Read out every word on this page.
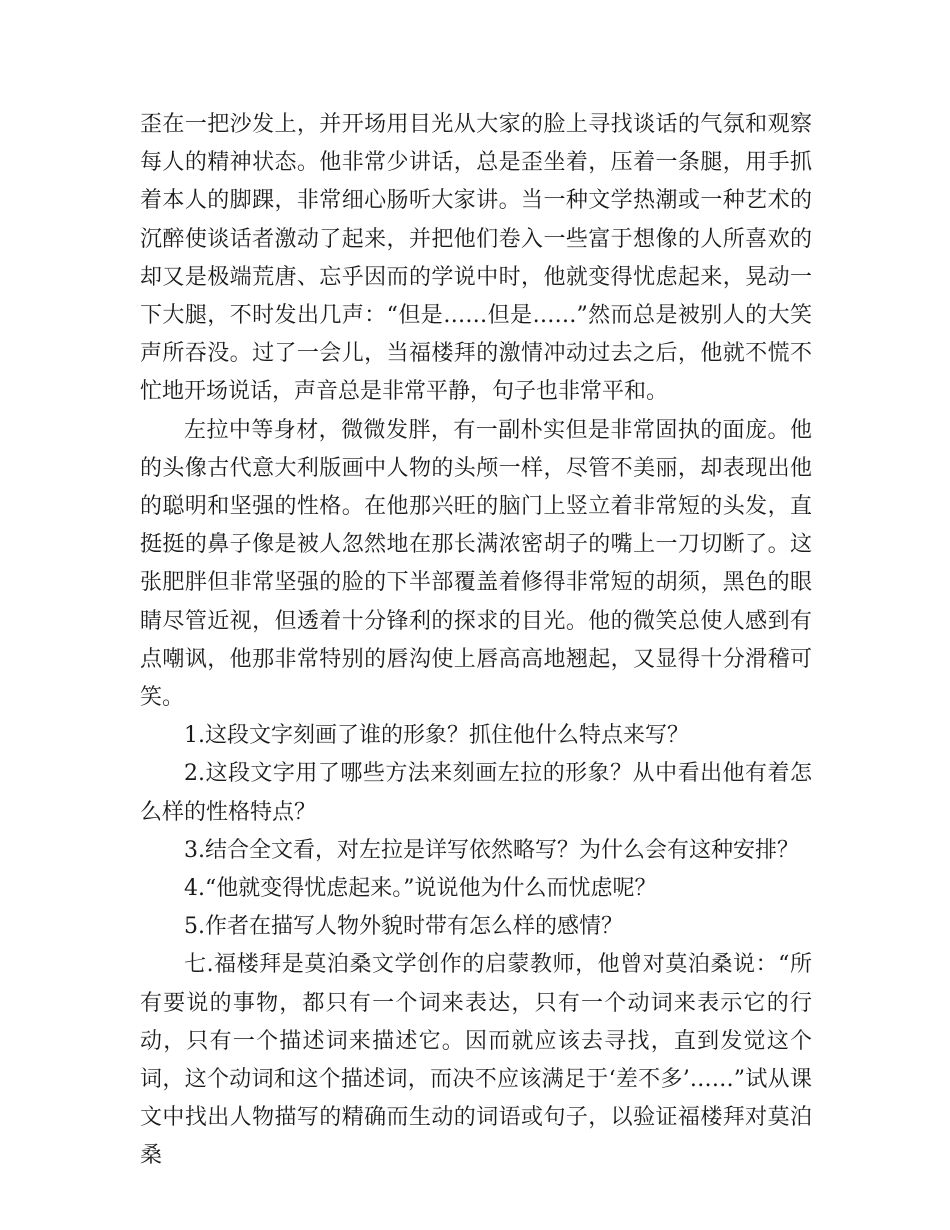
歪在一把沙发上，并开场用目光从大家的脸上寻找谈话的气氛和观察每人的精神状态。他非常少讲话，总是歪坐着，压着一条腿，用手抓着本人的脚踝，非常细心肠听大家讲。当一种文学热潮或一种艺术的沉醉使谈话者激动了起来，并把他们卷入一些富于想像的人所喜欢的却又是极端荒唐、忘乎因而的学说中时，他就变得忧虑起来，晃动一下大腿，不时发出几声：“但是……但是……”然而总是被别人的大笑声所吞没。过了一会儿，当福楼拜的激情冲动过去之后，他就不慌不忙地开场说话，声音总是非常平静，句子也非常平和。

左拉中等身材，微微发胖，有一副朴实但是非常固执的面庞。他的头像古代意大利版画中人物的头颅一样，尽管不美丽，却表现出他的聪明和坚强的性格。在他那兴旺的脑门上竖立着非常短的头发，直挺挺的鼻子像是被人忽然地在那长满浓密胡子的嘴上一刀切断了。这张肥胖但非常坚强的脸的下半部覆盖着修得非常短的胡须，黑色的眼睛尽管近视，但透着十分锋利的探求的目光。他的微笑总使人感到有点嘲讽，他那非常特别的唇沟使上唇高高地翘起，又显得十分滑稽可笑。

1.这段文字刻画了谁的形象？抓住他什么特点来写？

2.这段文字用了哪些方法来刻画左拉的形象？从中看出他有着怎么样的性格特点？

3.结合全文看，对左拉是详写依然略写？为什么会有这种安排？

4.“他就变得忧虑起来。”说说他为什么而忧虑呢？

5.作者在描写人物外貌时带有怎么样的感情？

七.福楼拜是莫泊桑文学创作的启蒙教师，他曾对莫泊桑说：“所有要说的事物，都只有一个词来表达，只有一个动词来表示它的行动，只有一个描述词来描述它。因而就应该去寻找，直到发觉这个词，这个动词和这个描述词，而决不应该满足于‘差不多’……”试从课文中找出人物描写的精确而生动的词语或句子，以验证福楼拜对莫泊桑
